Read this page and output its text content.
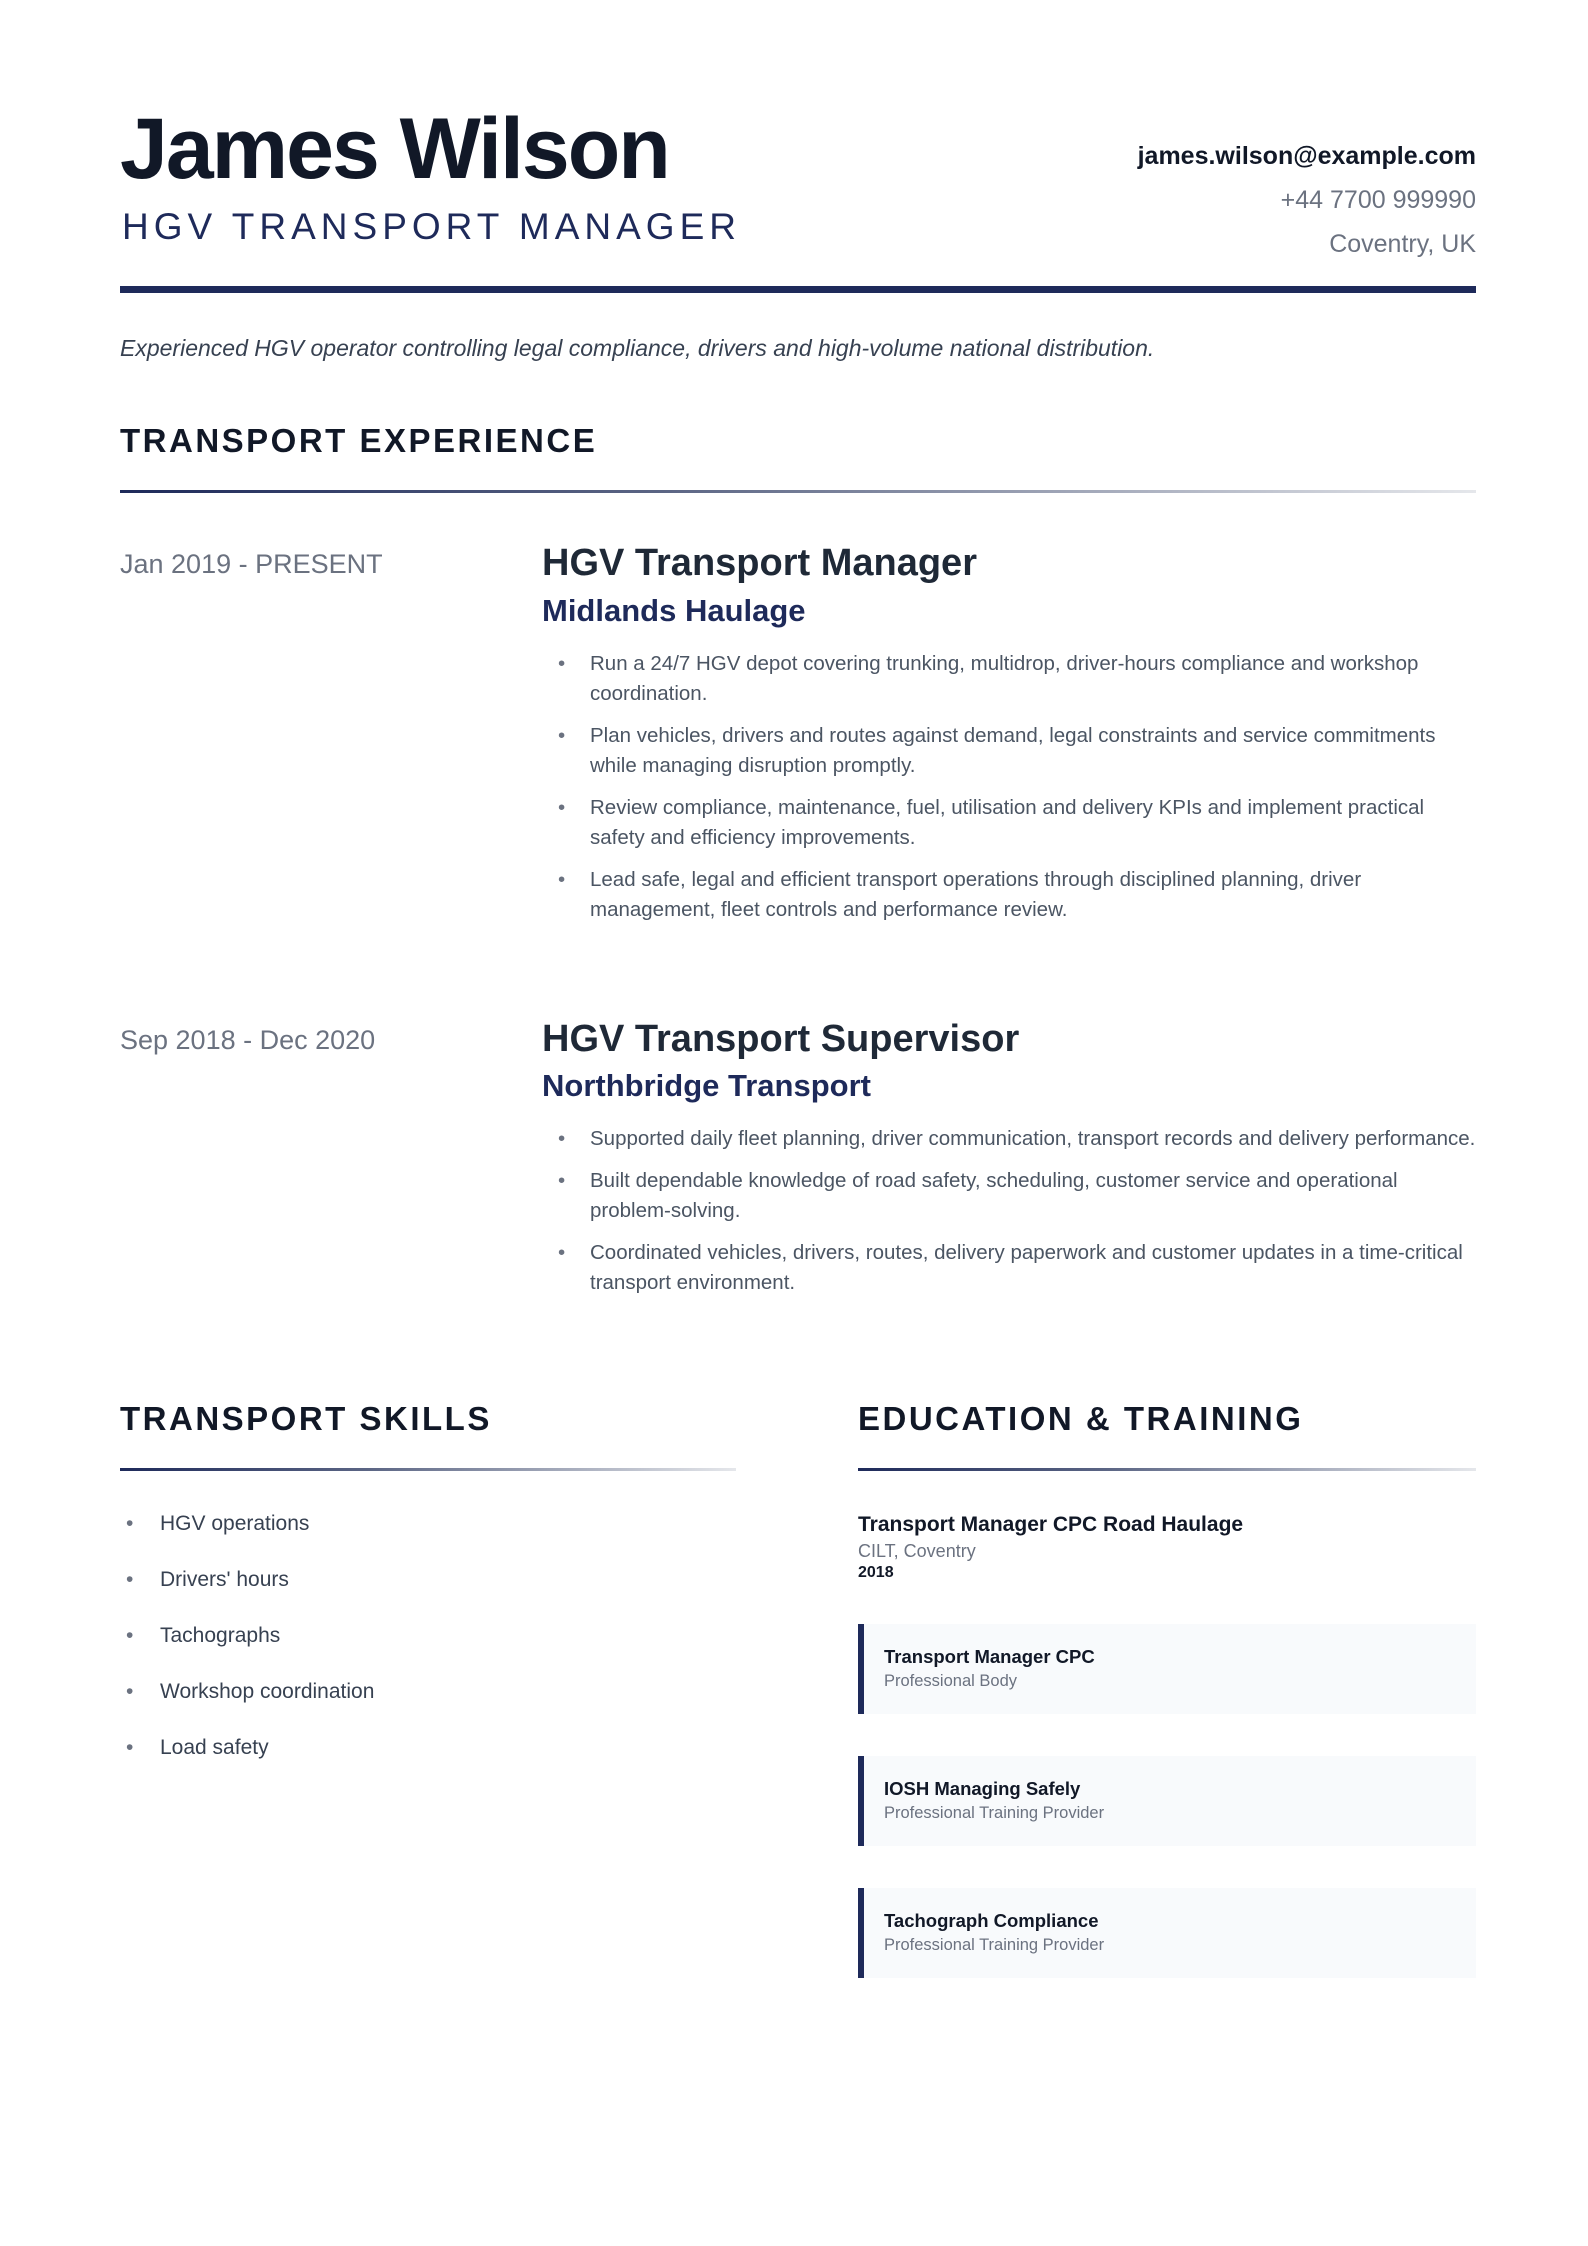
James Wilson
HGV TRANSPORT MANAGER
james.wilson@example.com
+44 7700 999990
Coventry, UK

Experienced HGV operator controlling legal compliance, drivers and high-volume national distribution.

TRANSPORT EXPERIENCE
Jan 2019 - PRESENT	HGV Transport Manager
Midlands Haulage
• Run a 24/7 HGV depot covering trunking, multidrop, driver-hours compliance and workshop coordination.
• Plan vehicles, drivers and routes against demand, legal constraints and service commitments while managing disruption promptly.
• Review compliance, maintenance, fuel, utilisation and delivery KPIs and implement practical safety and efficiency improvements.
• Lead safe, legal and efficient transport operations through disciplined planning, driver management, fleet controls and performance review.
Sep 2018 - Dec 2020	HGV Transport Supervisor
Northbridge Transport
• Supported daily fleet planning, driver communication, transport records and delivery performance.
• Built dependable knowledge of road safety, scheduling, customer service and operational problem-solving.
• Coordinated vehicles, drivers, routes, delivery paperwork and customer updates in a time-critical transport environment.
TRANSPORT SKILLS
• HGV operations
• Drivers' hours
• Tachographs
• Workshop coordination
• Load safety
EDUCATION & TRAINING
Transport Manager CPC Road Haulage
CILT, Coventry
2018
Transport Manager CPC
Professional Body
IOSH Managing Safely
Professional Training Provider
Tachograph Compliance
Professional Training Provider
